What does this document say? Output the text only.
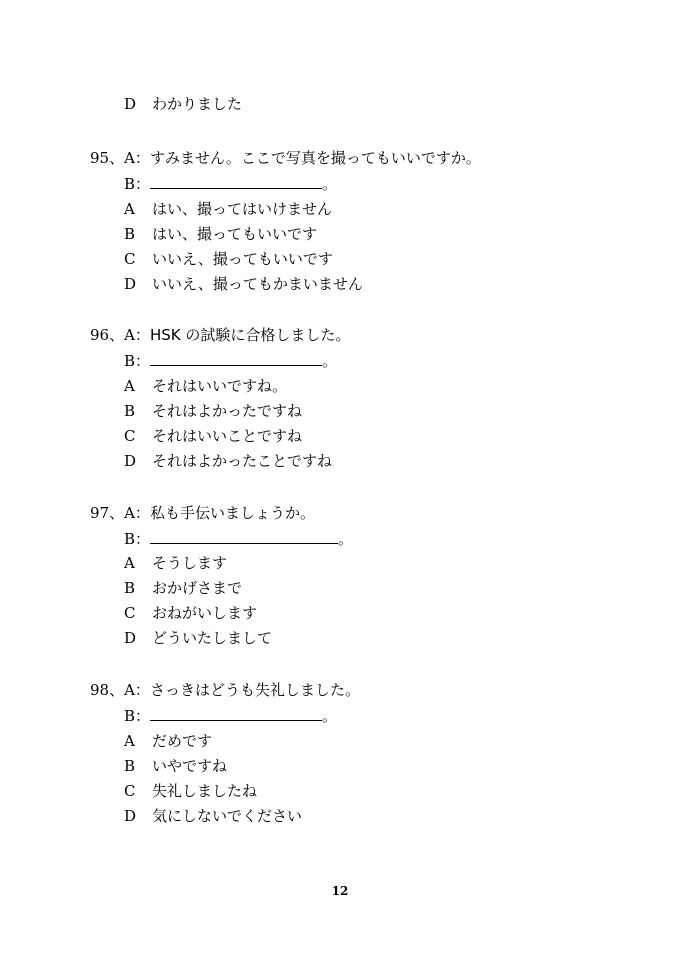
D わかりました
95、A：すみません。ここで写真を撮ってもいいですか。
B：	。
A はい、撮ってはいけません
B はい、撮ってもいいです
C いいえ、撮ってもいいです
D いいえ、撮ってもかまいません
96、A：HSK の試験に合格しました。
B：	。
A それはいいですね。
B それはよかったですね
C それはいいことですね
D それはよかったことですね
97、A：私も手伝いましょうか。
B：	。
A そうします
B おかげさまで
C おねがいします
D どういたしまして
98、A：さっきはどうも失礼しました。
B：	。
A だめです
B いやですね
C 失礼しましたね
D 気にしないでください
12
